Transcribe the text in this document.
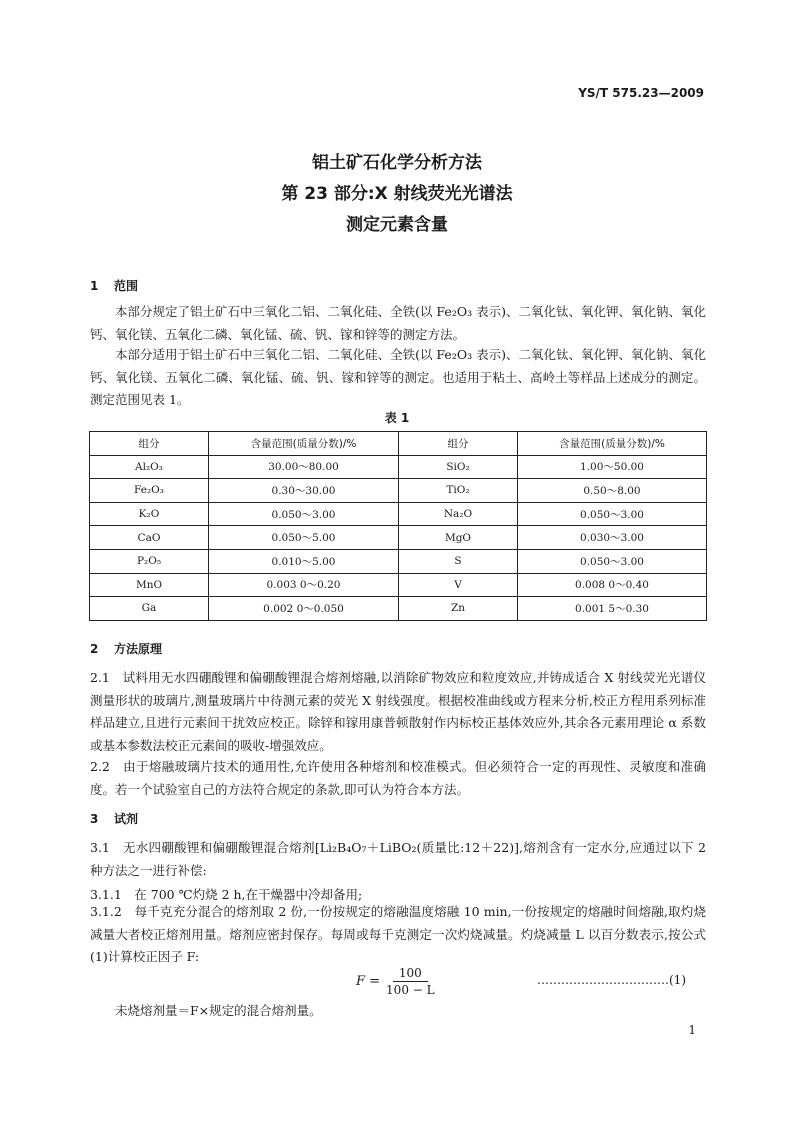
YS/T 575.23—2009
铝土矿石化学分析方法
第 23 部分:X 射线荧光光谱法
测定元素含量
1 范围
本部分规定了铝土矿石中三氧化二铝、二氧化硅、全铁(以 Fe₂O₃ 表示)、二氧化钛、氧化钾、氧化钠、氧化钙、氧化镁、五氧化二磷、氧化锰、硫、钒、镓和锌等的测定方法。
本部分适用于铝土矿石中三氧化二铝、二氧化硅、全铁(以 Fe₂O₃ 表示)、二氧化钛、氧化钾、氧化钠、氧化钙、氧化镁、五氧化二磷、氧化锰、硫、钒、镓和锌等的测定。也适用于粘土、高岭土等样品上述成分的测定。测定范围见表 1。
表 1
组分	含量范围(质量分数)/%	组分	含量范围(质量分数)/%
Al₂O₃	30.00～80.00	SiO₂	1.00～50.00
Fe₂O₃	0.30～30.00	TiO₂	0.50～8.00
K₂O	0.050～3.00	Na₂O	0.050～3.00
CaO	0.050～5.00	MgO	0.030～3.00
P₂O₅	0.010～5.00	S	0.050～3.00
MnO	0.003 0～0.20	V	0.008 0～0.40
Ga	0.002 0～0.050	Zn	0.001 5～0.30
2 方法原理
2.1　试料用无水四硼酸锂和偏硼酸锂混合熔剂熔融,以消除矿物效应和粒度效应,并铸成适合 X 射线荧光光谱仪测量形状的玻璃片,测量玻璃片中待测元素的荧光 X 射线强度。根据校准曲线或方程来分析,校正方程用系列标准样品建立,且进行元素间干扰效应校正。除锌和镓用康普顿散射作内标校正基体效应外,其余各元素用理论 α 系数或基本参数法校正元素间的吸收-增强效应。
2.2　由于熔融玻璃片技术的通用性,允许使用各种熔剂和校准模式。但必须符合一定的再现性、灵敏度和准确度。若一个试验室自己的方法符合规定的条款,即可认为符合本方法。
3 试剂
3.1　无水四硼酸锂和偏硼酸锂混合熔剂[Li₂B₄O₇＋LiBO₂(质量比:12＋22)],熔剂含有一定水分,应通过以下 2 种方法之一进行补偿:
3.1.1　在 700 ℃灼烧 2 h,在干燥器中冷却备用;
3.1.2　每千克充分混合的熔剂取 2 份,一份按规定的熔融温度熔融 10 min,一份按规定的熔融时间熔融,取灼烧减量大者校正熔剂用量。熔剂应密封保存。每周或每千克测定一次灼烧减量。灼烧减量 L 以百分数表示,按公式(1)计算校正因子 F:
$F = \frac{100}{100 - L}$	……………………………(1)
未烧熔剂量＝F×规定的混合熔剂量。
1
